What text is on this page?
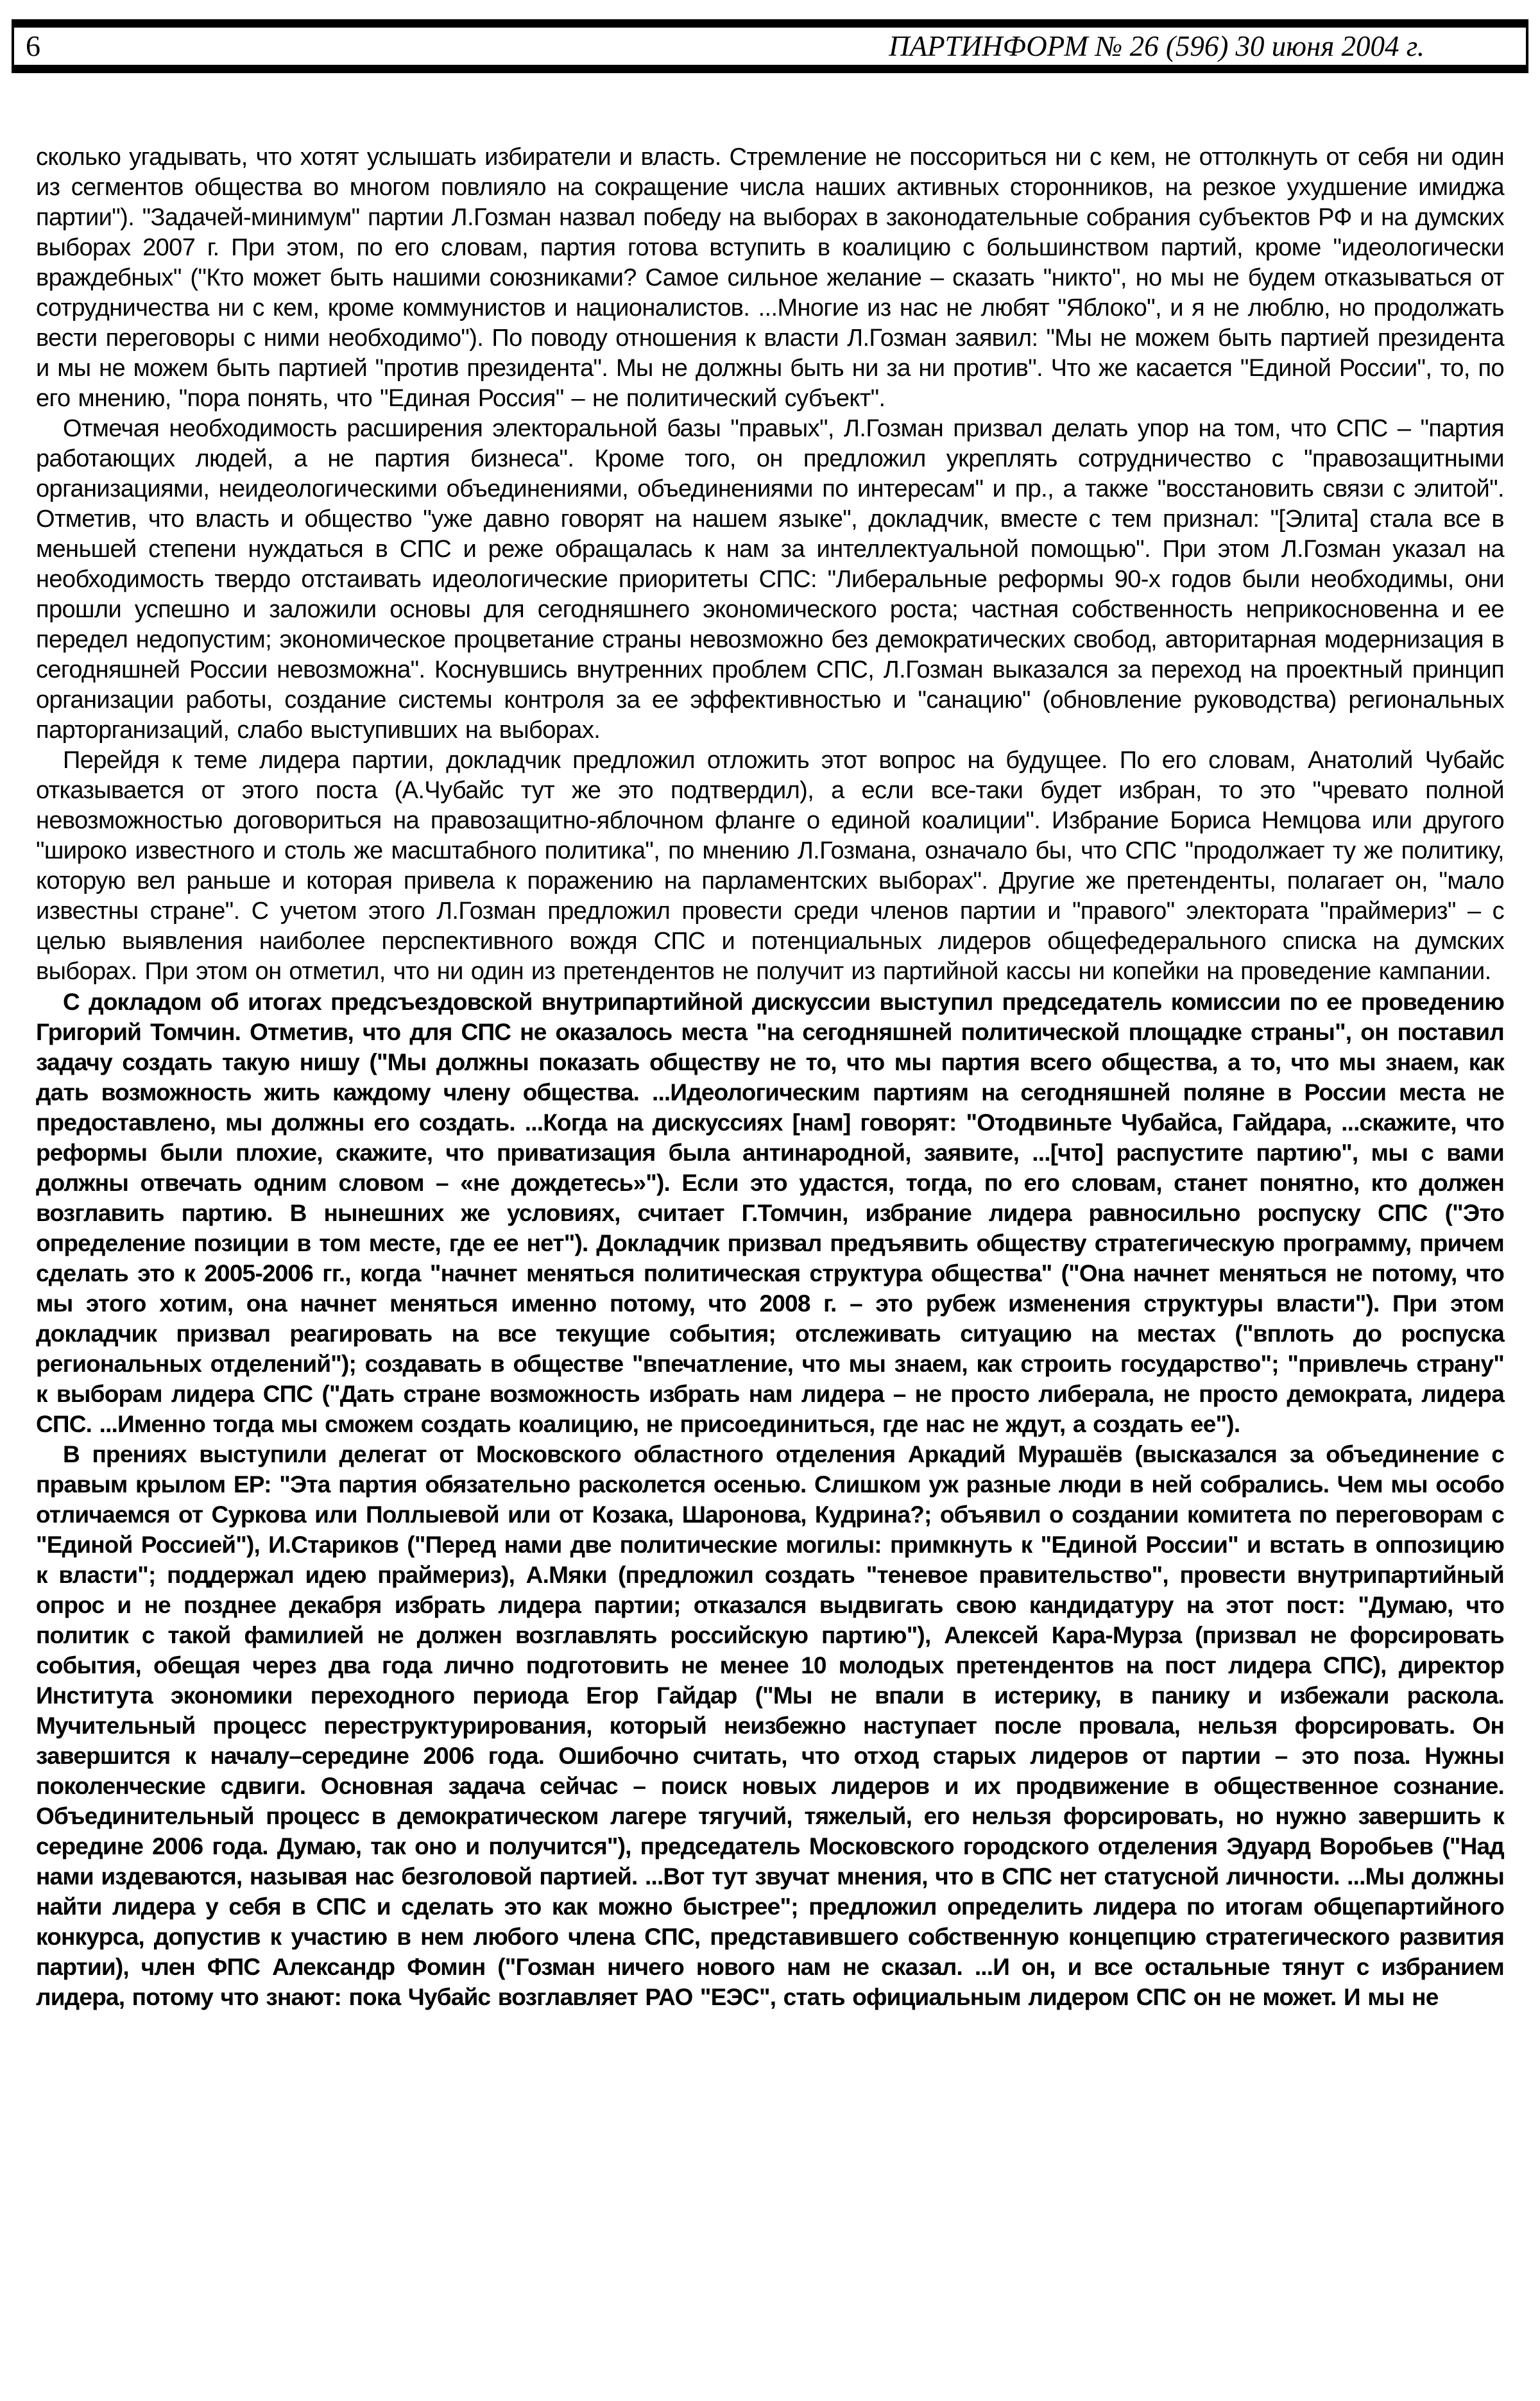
6	ПАРТИНФОРМ № 26 (596) 30 июня 2004 г.

сколько угадывать, что хотят услышать избиратели и власть. Стремление не поссориться ни с кем, не оттолкнуть от себя ни один из сегментов общества во многом повлияло на сокращение числа наших активных сторонников, на резкое ухудшение имиджа партии"). "Задачей-минимум" партии Л.Гозман назвал победу на выборах в законодательные собрания субъектов РФ и на думских выборах 2007 г. При этом, по его словам, партия готова вступить в коалицию с большинством партий, кроме "идеологически враждебных" ("Кто может быть нашими союзниками? Самое сильное желание – сказать "никто", но мы не будем отказываться от сотрудничества ни с кем, кроме коммунистов и националистов. ...Многие из нас не любят "Яблоко", и я не люблю, но продолжать вести переговоры с ними необходимо"). По поводу отношения к власти Л.Гозман заявил: "Мы не можем быть партией президента и мы не можем быть партией "против президента". Мы не должны быть ни за ни против". Что же касается "Единой России", то, по его мнению, "пора понять, что "Единая Россия" – не политический субъект".

Отмечая необходимость расширения электоральной базы "правых", Л.Гозман призвал делать упор на том, что СПС – "партия работающих людей, а не партия бизнеса". Кроме того, он предложил укреплять сотрудничество с "правозащитными организациями, неидеологическими объединениями, объединениями по интересам" и пр., а также "восстановить связи с элитой". Отметив, что власть и общество "уже давно говорят на нашем языке", докладчик, вместе с тем признал: "[Элита] стала все в меньшей степени нуждаться в СПС и реже обращалась к нам за интеллектуальной помощью". При этом Л.Гозман указал на необходимость твердо отстаивать идеологические приоритеты СПС: "Либеральные реформы 90-х годов были необходимы, они прошли успешно и заложили основы для сегодняшнего экономического роста; частная собственность неприкосновенна и ее передел недопустим; экономическое процветание страны невозможно без демократических свобод, авторитарная модернизация в сегодняшней России невозможна". Коснувшись внутренних проблем СПС, Л.Гозман выказался за переход на проектный принцип организации работы, создание системы контроля за ее эффективностью и "санацию" (обновление руководства) региональных парторганизаций, слабо выступивших на выборах.

Перейдя к теме лидера партии, докладчик предложил отложить этот вопрос на будущее. По его словам, Анатолий Чубайс отказывается от этого поста (А.Чубайс тут же это подтвердил), а если все-таки будет избран, то это "чревато полной невозможностью договориться на правозащитно-яблочном фланге о единой коалиции". Избрание Бориса Немцова или другого "широко известного и столь же масштабного политика", по мнению Л.Гозмана, означало бы, что СПС "продолжает ту же политику, которую вел раньше и которая привела к поражению на парламентских выборах". Другие же претенденты, полагает он, "мало известны стране". С учетом этого Л.Гозман предложил провести среди членов партии и "правого" электората "праймериз" – с целью выявления наиболее перспективного вождя СПС и потенциальных лидеров общефедерального списка на думских выборах. При этом он отметил, что ни один из претендентов не получит из партийной кассы ни копейки на проведение кампании.

С докладом об итогах предсъездовской внутрипартийной дискуссии выступил председатель комиссии по ее проведению Григорий Томчин. Отметив, что для СПС не оказалось места "на сегодняшней политической площадке страны", он поставил задачу создать такую нишу ("Мы должны показать обществу не то, что мы партия всего общества, а то, что мы знаем, как дать возможность жить каждому члену общества. ...Идеологическим партиям на сегодняшней поляне в России места не предоставлено, мы должны его создать. ...Когда на дискуссиях [нам] говорят: "Отодвиньте Чубайса, Гайдара, ...скажите, что реформы были плохие, скажите, что приватизация была антинародной, заявите, ...[что] распустите партию", мы с вами должны отвечать одним словом – «не дождетесь»"). Если это удастся, тогда, по его словам, станет понятно, кто должен возглавить партию. В нынешних же условиях, считает Г.Томчин, избрание лидера равносильно роспуску СПС ("Это определение позиции в том месте, где ее нет"). Докладчик призвал предъявить обществу стратегическую программу, причем сделать это к 2005-2006 гг., когда "начнет меняться политическая структура общества" ("Она начнет меняться не потому, что мы этого хотим, она начнет меняться именно потому, что 2008 г. – это рубеж изменения структуры власти"). При этом докладчик призвал реагировать на все текущие события; отслеживать ситуацию на местах ("вплоть до роспуска региональных отделений"); создавать в обществе "впечатление, что мы знаем, как строить государство"; "привлечь страну" к выборам лидера СПС ("Дать стране возможность избрать нам лидера – не просто либерала, не просто демократа, лидера СПС. ...Именно тогда мы сможем создать коалицию, не присоединиться, где нас не ждут, а создать ее").

В прениях выступили делегат от Московского областного отделения Аркадий Мурашёв (высказался за объединение с правым крылом ЕР: "Эта партия обязательно расколется осенью. Слишком уж разные люди в ней собрались. Чем мы особо отличаемся от Суркова или Поллыевой или от Козака, Шаронова, Кудрина?; объявил о создании комитета по переговорам с "Единой Россией"), И.Стариков ("Перед нами две политические могилы: примкнуть к "Единой России" и встать в оппозицию к власти"; поддержал идею праймериз), А.Мяки (предложил создать "теневое правительство", провести внутрипартийный опрос и не позднее декабря избрать лидера партии; отказался выдвигать свою кандидатуру на этот пост: "Думаю, что политик с такой фамилией не должен возглавлять российскую партию"), Алексей Кара-Мурза (призвал не форсировать события, обещая через два года лично подготовить не менее 10 молодых претендентов на пост лидера СПС), директор Института экономики переходного периода Егор Гайдар ("Мы не впали в истерику, в панику и избежали раскола. Мучительный процесс переструктурирования, который неизбежно наступает после провала, нельзя форсировать. Он завершится к началу–середине 2006 года. Ошибочно считать, что отход старых лидеров от партии – это поза. Нужны поколенческие сдвиги. Основная задача сейчас – поиск новых лидеров и их продвижение в общественное сознание. Объединительный процесс в демократическом лагере тягучий, тяжелый, его нельзя форсировать, но нужно завершить к середине 2006 года. Думаю, так оно и получится"), председатель Московского городского отделения Эдуард Воробьев ("Над нами издеваются, называя нас безголовой партией. ...Вот тут звучат мнения, что в СПС нет статусной личности. ...Мы должны найти лидера у себя в СПС и сделать это как можно быстрее"; предложил определить лидера по итогам общепартийного конкурса, допустив к участию в нем любого члена СПС, представившего собственную концепцию стратегического развития партии), член ФПС Александр Фомин ("Гозман ничего нового нам не сказал. ...И он, и все остальные тянут с избранием лидера, потому что знают: пока Чубайс возглавляет РАО "ЕЭС", стать официальным лидером СПС он не может. И мы не
